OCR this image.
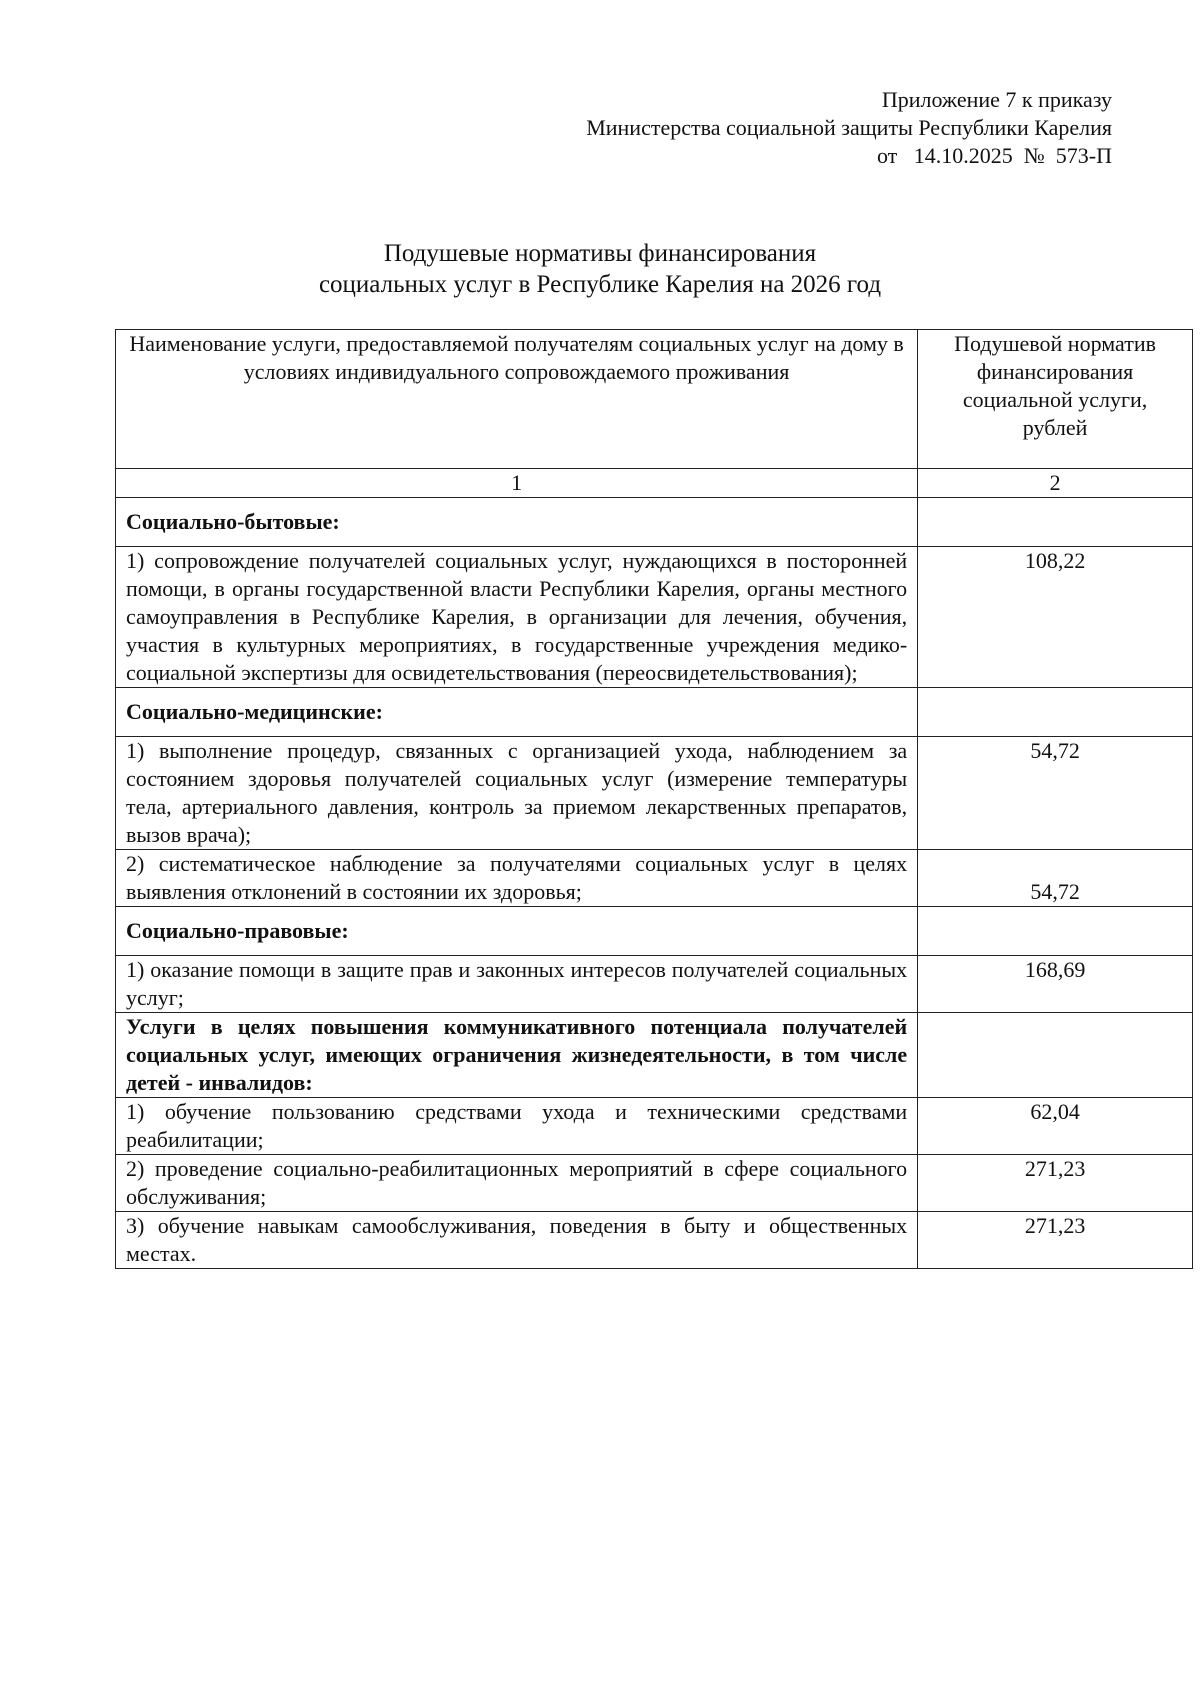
Приложение 7 к приказу
Министерства социальной защиты Республики Карелия
от   14.10.2025  №  573-П
Подушевые нормативы финансирования
социальных услуг в Республике Карелия на 2026 год
Наименование услуги, предоставляемой получателям социальных услуг на дому в условиях индивидуального сопровождаемого проживания	Подушевой норматив финансирования социальной услуги, рублей
1	2
Социально-бытовые:	
1) сопровождение получателей социальных услуг, нуждающихся в посторонней помощи, в органы государственной власти Республики Карелия, органы местного самоуправления в Республике Карелия, в организации для лечения, обучения, участия в культурных мероприятиях, в государственные учреждения медико-социальной экспертизы для освидетельствования (переосвидетельствования);	108,22
Социально-медицинские:	
1) выполнение процедур, связанных с организацией ухода, наблюдением за состоянием здоровья получателей социальных услуг (измерение температуры тела, артериального давления, контроль за приемом лекарственных препаратов, вызов врача);	54,72
2) систематическое наблюдение за получателями социальных услуг в целях выявления отклонений в состоянии их здоровья;	54,72
Социально-правовые:	
1) оказание помощи в защите прав и законных интересов получателей социальных услуг;	168,69
Услуги в целях повышения коммуникативного потенциала получателей социальных услуг, имеющих ограничения жизнедеятельности, в том числе детей - инвалидов:	
1) обучение пользованию средствами ухода и техническими средствами реабилитации;	62,04
2) проведение социально-реабилитационных мероприятий в сфере социального обслуживания;	271,23
3) обучение навыкам самообслуживания, поведения в быту и общественных местах.	271,23
